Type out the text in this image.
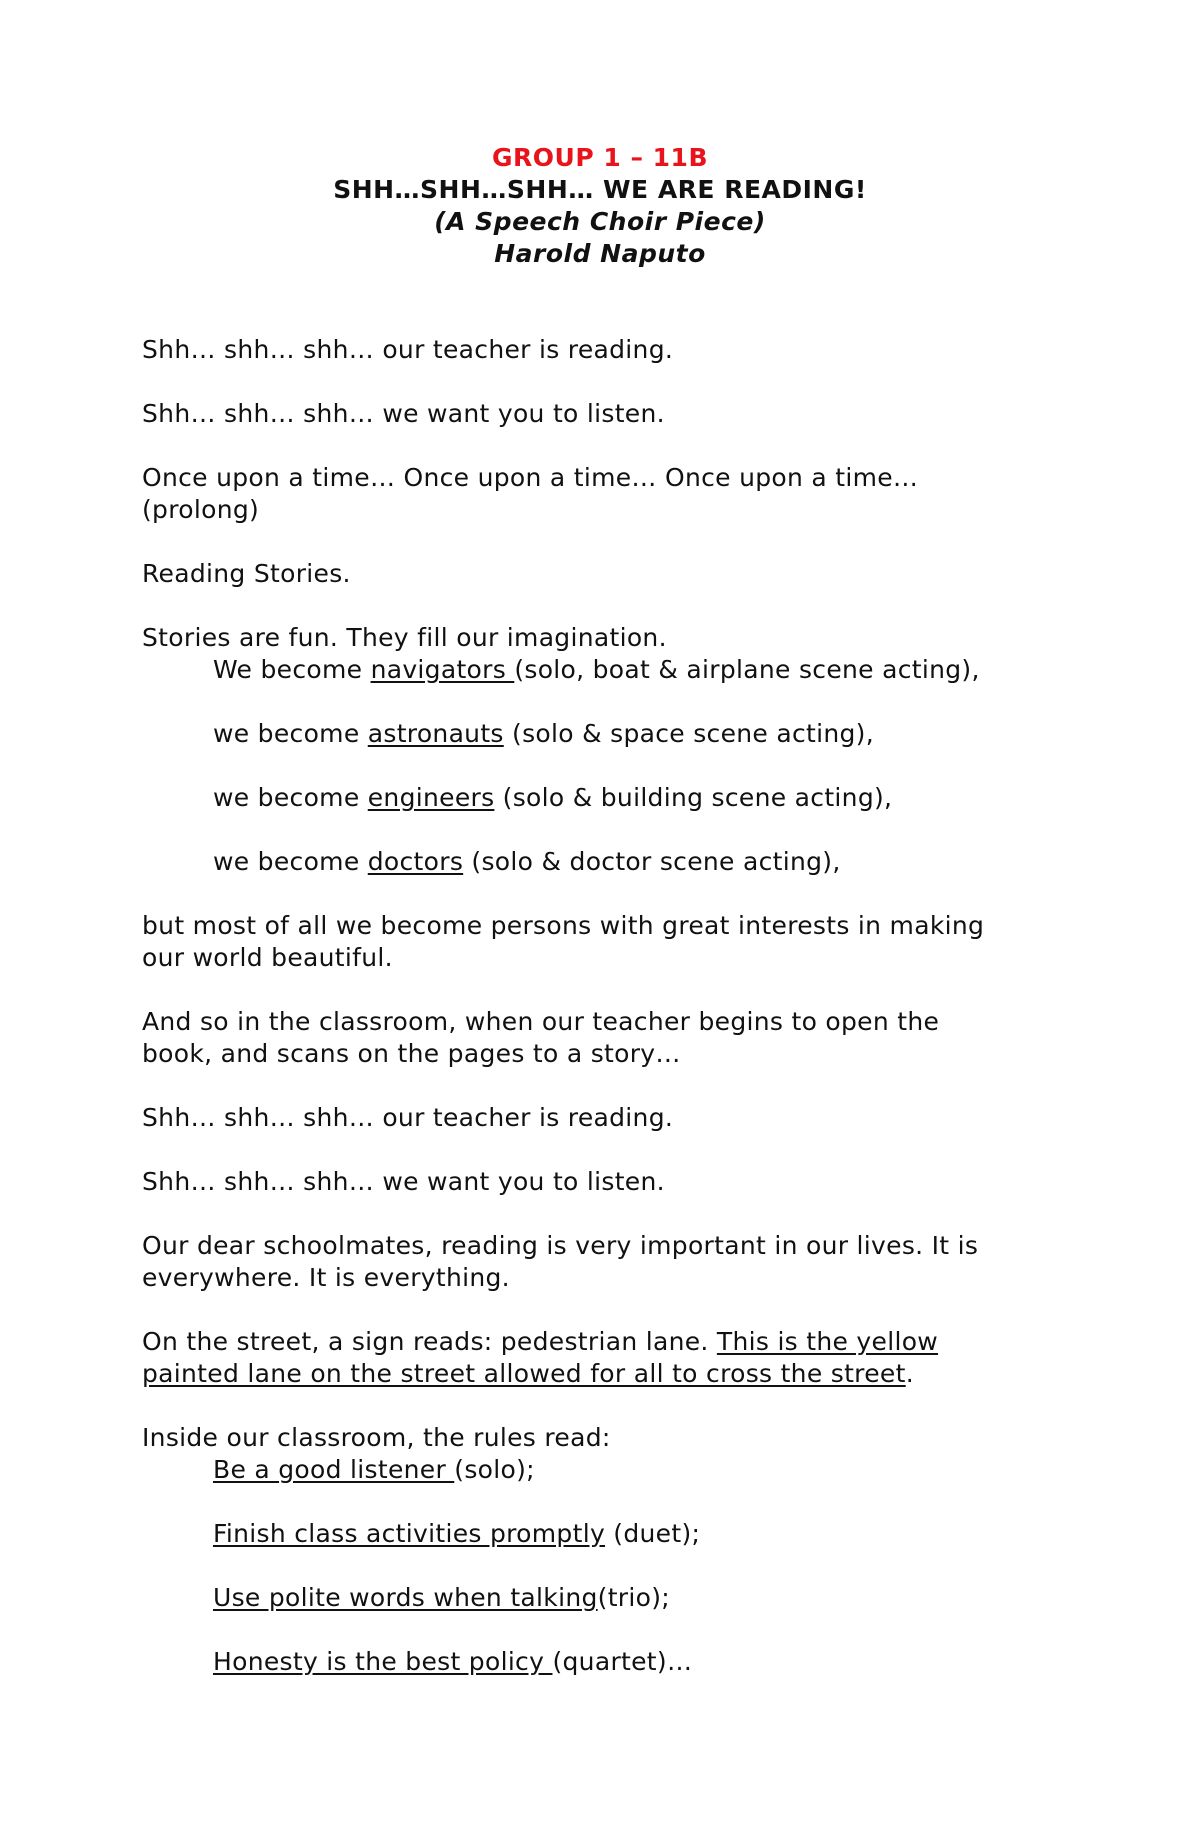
GROUP 1 – 11B
SHH…SHH…SHH… WE ARE READING!
(A Speech Choir Piece)
Harold Naputo
Shh… shh… shh… our teacher is reading.
Shh… shh… shh… we want you to listen.
Once upon a time… Once upon a time… Once upon a time…
(prolong)
Reading Stories.
Stories are fun. They fill our imagination.
We become navigators (solo, boat & airplane scene acting),
we become astronauts (solo & space scene acting),
we become engineers (solo & building scene acting),
we become doctors (solo & doctor scene acting),
but most of all we become persons with great interests in making
our world beautiful.
And so in the classroom, when our teacher begins to open the
book, and scans on the pages to a story…
Shh… shh… shh… our teacher is reading.
Shh… shh… shh… we want you to listen.
Our dear schoolmates, reading is very important in our lives. It is
everywhere. It is everything.
On the street, a sign reads: pedestrian lane. This is the yellow
painted lane on the street allowed for all to cross the street.
Inside our classroom, the rules read:
Be a good listener (solo);
Finish class activities promptly (duet);
Use polite words when talking(trio);
Honesty is the best policy (quartet)…
